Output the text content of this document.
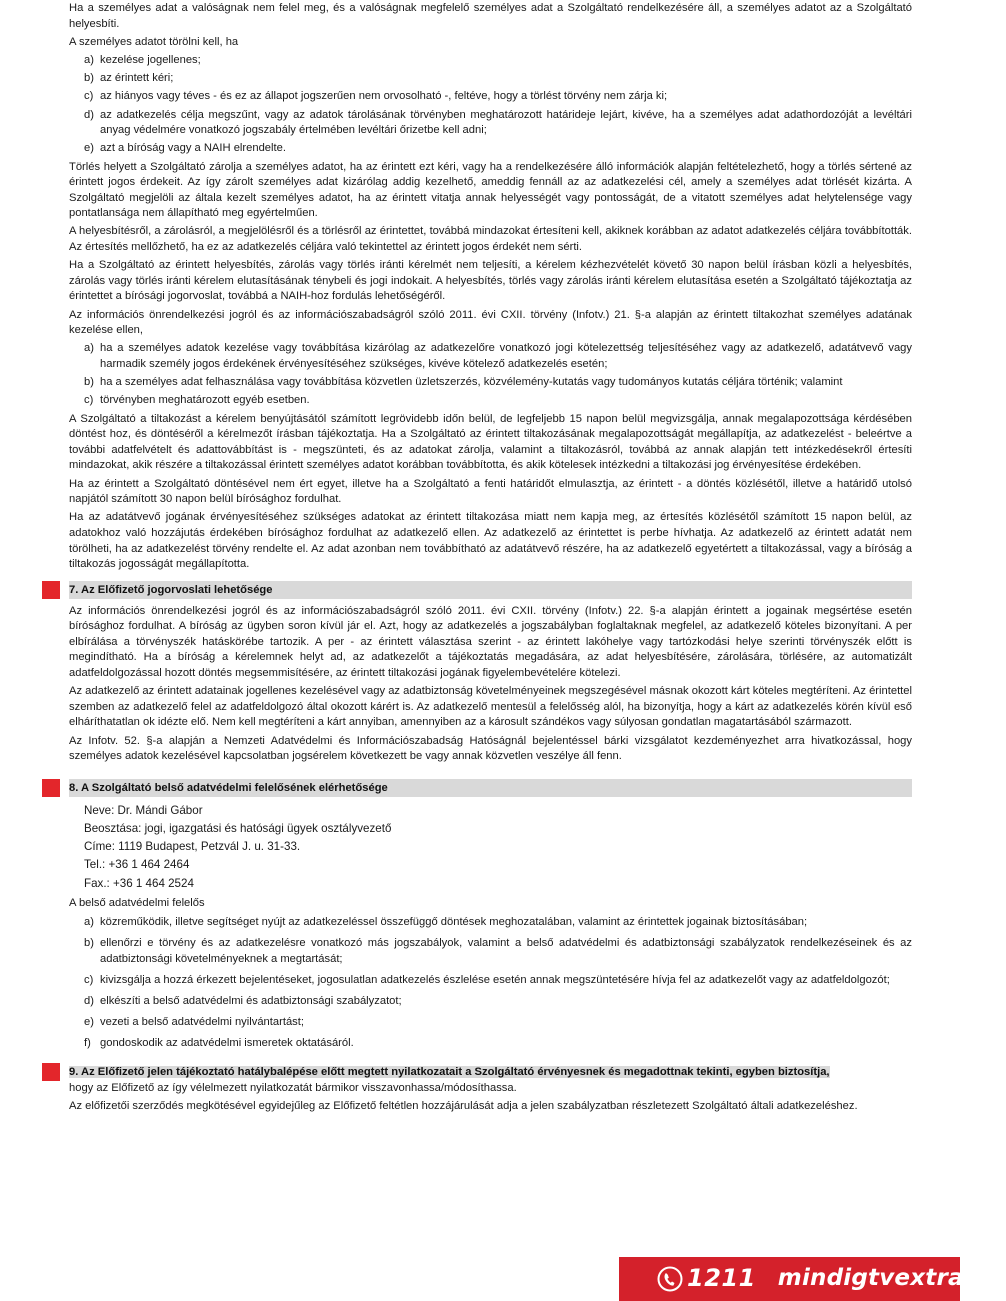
Ha a személyes adat a valóságnak nem felel meg, és a valóságnak megfelelő személyes adat a Szolgáltató rendelkezésére áll, a személyes adatot az a Szolgáltató helyesbíti.

A személyes adatot törölni kell, ha

a) kezelése jogellenes;
b) az érintett kéri;
c) az hiányos vagy téves - és ez az állapot jogszerűen nem orvosolható -, feltéve, hogy a törlést törvény nem zárja ki;
d) az adatkezelés célja megszűnt, vagy az adatok tárolásának törvényben meghatározott határideje lejárt, kivéve, ha a személyes adat adathordozóját a levéltári anyag védelmére vonatkozó jogszabály értelmében levéltári őrizetbe kell adni;
e) azt a bíróság vagy a NAIH elrendelte.

Törlés helyett a Szolgáltató zárolja a személyes adatot, ha az érintett ezt kéri, vagy ha a rendelkezésére álló információk alapján feltételezhető, hogy a törlés sértené az érintett jogos érdekeit. Az így zárolt személyes adat kizárólag addig kezelhető, ameddig fennáll az az adatkezelési cél, amely a személyes adat törlését kizárta. A Szolgáltató megjelöli az általa kezelt személyes adatot, ha az érintett vitatja annak helyességét vagy pontosságát, de a vitatott személyes adat helytelensége vagy pontatlansága nem állapítható meg egyértelműen.

A helyesbítésről, a zárolásról, a megjelölésről és a törlésről az érintettet, továbbá mindazokat értesíteni kell, akiknek korábban az adatot adatkezelés céljára továbbították. Az értesítés mellőzhető, ha ez az adatkezelés céljára való tekintettel az érintett jogos érdekét nem sérti.

Ha a Szolgáltató az érintett helyesbítés, zárolás vagy törlés iránti kérelmét nem teljesíti, a kérelem kézhezvételét követő 30 napon belül írásban közli a helyesbítés, zárolás vagy törlés iránti kérelem elutasításának ténybeli és jogi indokait. A helyesbítés, törlés vagy zárolás iránti kérelem elutasítása esetén a Szolgáltató tájékoztatja az érintettet a bírósági jogorvoslat, továbbá a NAIH-hoz fordulás lehetőségéről.

Az információs önrendelkezési jogról és az információszabadságról szóló 2011. évi CXII. törvény (Infotv.) 21. §-a alapján az érintett tiltakozhat személyes adatának kezelése ellen,

a) ha a személyes adatok kezelése vagy továbbítása kizárólag az adatkezelőre vonatkozó jogi kötelezettség teljesítéséhez vagy az adatkezelő, adatátvevő vagy harmadik személy jogos érdekének érvényesítéséhez szükséges, kivéve kötelező adatkezelés esetén;
b) ha a személyes adat felhasználása vagy továbbítása közvetlen üzletszerzés, közvélemény-kutatás vagy tudományos kutatás céljára történik; valamint
c) törvényben meghatározott egyéb esetben.

A Szolgáltató a tiltakozást a kérelem benyújtásától számított legrövidebb időn belül, de legfeljebb 15 napon belül megvizsgálja, annak megalapozottsága kérdésében döntést hoz, és döntéséről a kérelmezőt írásban tájékoztatja. Ha a Szolgáltató az érintett tiltakozásának megalapozottságát megállapítja, az adatkezelést - beleértve a további adatfelvételt és adattovábbítást is - megszünteti, és az adatokat zárolja, valamint a tiltakozásról, továbbá az annak alapján tett intézkedésekről értesíti mindazokat, akik részére a tiltakozással érintett személyes adatot korábban továbbította, és akik kötelesek intézkedni a tiltakozási jog érvényesítése érdekében.

Ha az érintett a Szolgáltató döntésével nem ért egyet, illetve ha a Szolgáltató a fenti határidőt elmulasztja, az érintett - a döntés közlésétől, illetve a határidő utolsó napjától számított 30 napon belül bírósághoz fordulhat.

Ha az adatátvevő jogának érvényesítéséhez szükséges adatokat az érintett tiltakozása miatt nem kapja meg, az értesítés közlésétől számított 15 napon belül, az adatokhoz való hozzájutás érdekében bírósághoz fordulhat az adatkezelő ellen. Az adatkezelő az érintettet is perbe hívhatja. Az adatkezelő az érintett adatát nem törölheti, ha az adatkezelést törvény rendelte el. Az adat azonban nem továbbítható az adatátvevő részére, ha az adatkezelő egyetértett a tiltakozással, vagy a bíróság a tiltakozás jogosságát megállapította.

7. Az Előfizető jogorvoslati lehetősége

Az információs önrendelkezési jogról és az információszabadságról szóló 2011. évi CXII. törvény (Infotv.) 22. §-a alapján érintett a jogainak megsértése esetén bírósághoz fordulhat. A bíróság az ügyben soron kívül jár el. Azt, hogy az adatkezelés a jogszabályban foglaltaknak megfelel, az adatkezelő köteles bizonyítani. A per elbírálása a törvényszék hatáskörébe tartozik. A per - az érintett választása szerint - az érintett lakóhelye vagy tartózkodási helye szerinti törvényszék előtt is megindítható. Ha a bíróság a kérelemnek helyt ad, az adatkezelőt a tájékoztatás megadására, az adat helyesbítésére, zárolására, törlésére, az automatizált adatfeldolgozással hozott döntés megsemmisítésére, az érintett tiltakozási jogának figyelembevételére kötelezi.

Az adatkezelő az érintett adatainak jogellenes kezelésével vagy az adatbiztonság követelményeinek megszegésével másnak okozott kárt köteles megtéríteni. Az érintettel szemben az adatkezelő felel az adatfeldolgozó által okozott kárért is. Az adatkezelő mentesül a felelősség alól, ha bizonyítja, hogy a kárt az adatkezelés körén kívül eső elháríthatatlan ok idézte elő. Nem kell megtéríteni a kárt annyiban, amennyiben az a károsult szándékos vagy súlyosan gondatlan magatartásából származott.

Az Infotv. 52. §-a alapján a Nemzeti Adatvédelmi és Információszabadság Hatóságnál bejelentéssel bárki vizsgálatot kezdeményezhet arra hivatkozással, hogy személyes adatok kezelésével kapcsolatban jogsérelem következett be vagy annak közvetlen veszélye áll fenn.

8. A Szolgáltató belső adatvédelmi felelősének elérhetősége
Neve: Dr. Mándi Gábor
Beosztása: jogi, igazgatási és hatósági ügyek osztályvezető
Címe: 1119 Budapest, Petzvál J. u. 31-33.
Tel.: +36 1 464 2464
Fax.: +36 1 464 2524

A belső adatvédelmi felelős

a) közreműködik, illetve segítséget nyújt az adatkezeléssel összefüggő döntések meghozatalában, valamint az érintettek jogainak biztosításában;
b) ellenőrzi e törvény és az adatkezelésre vonatkozó más jogszabályok, valamint a belső adatvédelmi és adatbiztonsági szabályzatok rendelkezéseinek és az adatbiztonsági követelményeknek a megtartását;
c) kivizsgálja a hozzá érkezett bejelentéseket, jogosulatlan adatkezelés észlelése esetén annak megszüntetésére hívja fel az adatkezelőt vagy az adatfeldolgozót;
d) elkészíti a belső adatvédelmi és adatbiztonsági szabályzatot;
e) vezeti a belső adatvédelmi nyilvántartást;
f) gondoskodik az adatvédelmi ismeretek oktatásáról.
9. Az Előfizető jelen tájékoztató hatálybalépése előtt megtett nyilatkozatait a Szolgáltató érvényesnek és megadottnak tekinti, egyben biztosítja,

hogy az Előfizető az így vélelmezett nyilatkozatát bármikor visszavonhassa/módosíthassa.

Az előfizetői szerződés megkötésével egyidejűleg az Előfizető feltétlen hozzájárulását adja a jelen szabályzatban részletezett Szolgáltató általi adatkezeléshez.

1211 mindigtvextra.hu
